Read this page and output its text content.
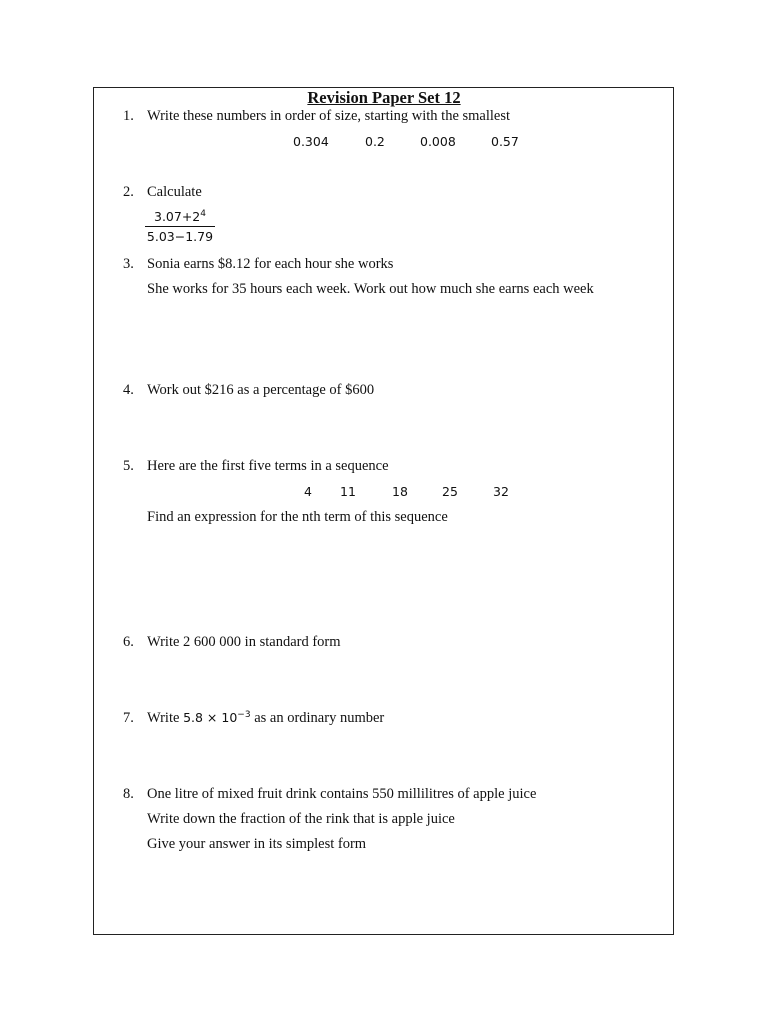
Revision Paper Set 12
1. Write these numbers in order of size, starting with the smallest
0.304	0.2	0.008	0.57
2. Calculate
$3.07+2^4$
5.03−1.79
3. Sonia earns $8.12 for each hour she works
She works for 35 hours each week. Work out how much she earns each week
4. Work out $216 as a percentage of $600
5. Here are the first five terms in a sequence
4 11	18	25	32
Find an expression for the nth term of this sequence
6. Write 2 600 000 in standard form
7. Write $5.8 \times 10^{-3}$ as an ordinary number
8. One litre of mixed fruit drink contains 550 millilitres of apple juice
Write down the fraction of the rink that is apple juice
Give your answer in its simplest form
